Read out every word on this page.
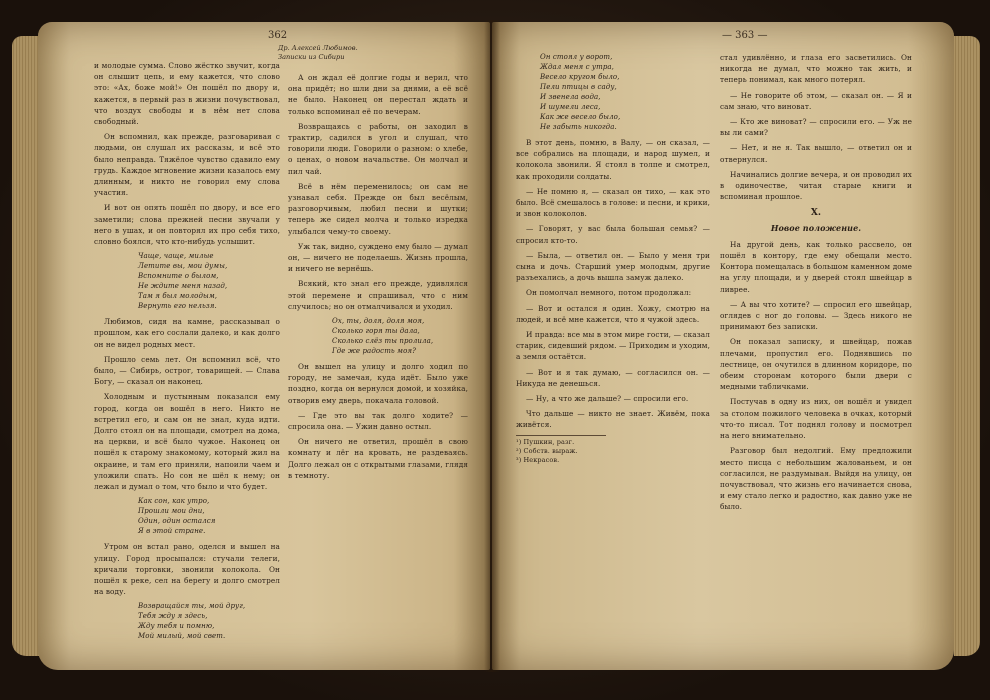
362
Др. Алексей Любимов.
Записки из Сибири

и молодые сумма. Слово жёстко звучит, когда он слышит цепь, и ему кажется, что слово это: «Ах, боже мой!» Он пошёл по двору и, кажется, в первый раз в жизни почувствовал, что воздух свободы и в нём нет слова свободный.

Он вспомнил, как прежде, разговаривая с людьми, он слушал их рассказы, и всё это было неправда. Тяжёлое чувство сдавило ему грудь. Каждое мгновение жизни казалось ему длинным, и никто не говорил ему слова участия.

И вот он опять пошёл по двору, и все его заметили; слова прежней песни звучали у него в ушах, и он повторял их про себя тихо, словно боялся, что кто-нибудь услышит.

Чаще, чаще, милые
Летите вы, мои думы,
Вспомните о былом,
Не ждите меня назад,
Там я был молодым,
Вернуть его нельзя.

Любимов, сидя на камне, рассказывал о прошлом, как его сослали далеко, и как долго он не видел родных мест.

Прошло семь лет. Он вспомнил всё, что было, — Сибирь, острог, товарищей. — Слава Богу, — сказал он наконец.

Холодным и пустынным показался ему город, когда он вошёл в него. Никто не встретил его, и сам он не знал, куда идти. Долго стоял он на площади, смотрел на дома, на церкви, и всё было чужое. Наконец он пошёл к старому знакомому, который жил на окраине, и там его приняли, напоили чаем и уложили спать. Но сон не шёл к нему; он лежал и думал о том, что было и что будет.

Как сон, как утро,
Прошли мои дни,
Один, один остался
Я в этой стране.

Утром он встал рано, оделся и вышел на улицу. Город просыпался: стучали телеги, кричали торговки, звонили колокола. Он пошёл к реке, сел на берегу и долго смотрел на воду.

Возвращайся ты, мой друг,
Тебя жду я здесь,
Жду тебя и помню,
Мой милый, мой свет.

А он ждал её долгие годы и верил, что она придёт; но шли дни за днями, а её всё не было. Наконец он перестал ждать и только вспоминал её по вечерам.

Возвращаясь с работы, он заходил в трактир, садился в угол и слушал, что говорили люди. Говорили о разном: о хлебе, о ценах, о новом начальстве. Он молчал и пил чай.

Всё в нём переменилось; он сам не узнавал себя. Прежде он был весёлым, разговорчивым, любил песни и шутки; теперь же сидел молча и только изредка улыбался чему-то своему.

Уж так, видно, суждено ему было — думал он, — ничего не поделаешь. Жизнь прошла, и ничего не вернёшь.

Всякий, кто знал его прежде, удивлялся этой перемене и спрашивал, что с ним случилось; но он отмалчивался и уходил.

Ох, ты, доля, доля моя,
Сколько горя ты дала,
Сколько слёз ты пролила,
Где же радость моя?

Он вышел на улицу и долго ходил по городу, не замечая, куда идёт. Было уже поздно, когда он вернулся домой, и хозяйка, отворив ему дверь, покачала головой.

— Где это вы так долго ходите? — спросила она. — Ужин давно остыл.

Он ничего не ответил, прошёл в свою комнату и лёг на кровать, не раздеваясь. Долго лежал он с открытыми глазами, глядя в темноту.

— 363 —
Он стоял у ворот,
Ждал меня с утра,
Весело кругом было,
Пели птицы в саду,
И звенела вода,
И шумели леса,
Как же весело было,
Не забыть никогда.

В этот день, помню, в Валу, — он сказал, — все собрались на площади, и народ шумел, и колокола звонили. Я стоял в толпе и смотрел, как проходили солдаты.

— Не помню я, — сказал он тихо, — как это было. Всё смешалось в голове: и песни, и крики, и звон колоколов.

— Говорят, у вас была большая семья? — спросил кто-то.

— Была, — ответил он. — Было у меня три сына и дочь. Старший умер молодым, другие разъехались, а дочь вышла замуж далеко.

Он помолчал немного, потом продолжал:

— Вот и остался я один. Хожу, смотрю на людей, и всё мне кажется, что я чужой здесь.

И правда: все мы в этом мире гости, — сказал старик, сидевший рядом. — Приходим и уходим, а земля остаётся.

— Вот и я так думаю, — согласился он. — Никуда не денешься.

— Ну, а что же дальше? — спросили его.

Что дальше — никто не знает. Живём, пока живётся.

¹) Пушкин, разг.
²) Собств. выраж.
³) Некрасов.

стал удивлённо, и глаза его засветились. Он никогда не думал, что можно так жить, и теперь понимал, как много потерял.

— Не говорите об этом, — сказал он. — Я и сам знаю, что виноват.

— Кто же виноват? — спросили его. — Уж не вы ли сами?

— Нет, и не я. Так вышло, — ответил он и отвернулся.

Начинались долгие вечера, и он проводил их в одиночестве, читая старые книги и вспоминая прошлое.

X.
Новое положение.

На другой день, как только рассвело, он пошёл в контору, где ему обещали место. Контора помещалась в большом каменном доме на углу площади, и у дверей стоял швейцар в ливрее.

— А вы что хотите? — спросил его швейцар, оглядев с ног до головы. — Здесь никого не принимают без записки.

Он показал записку, и швейцар, пожав плечами, пропустил его. Поднявшись по лестнице, он очутился в длинном коридоре, по обеим сторонам которого были двери с медными табличками.

Постучав в одну из них, он вошёл и увидел за столом пожилого человека в очках, который что-то писал. Тот поднял голову и посмотрел на него внимательно.

Разговор был недолгий. Ему предложили место писца с небольшим жалованьем, и он согласился, не раздумывая. Выйдя на улицу, он почувствовал, что жизнь его начинается снова, и ему стало легко и радостно, как давно уже не было.
